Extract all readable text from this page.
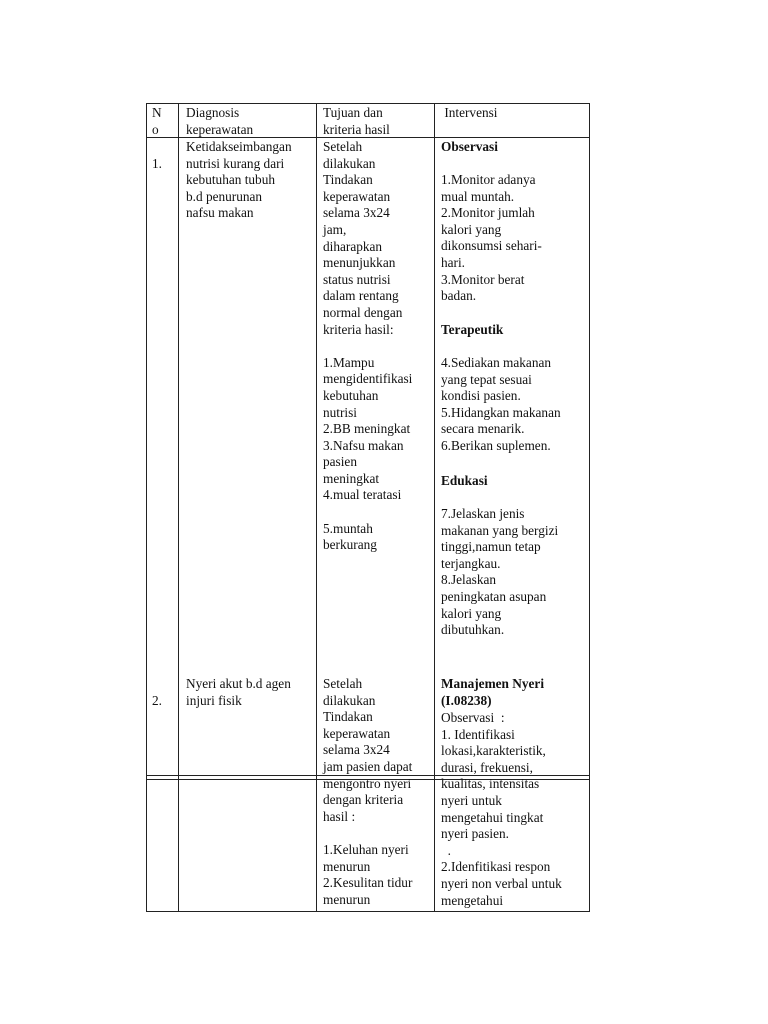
N
o
Diagnosis
keperawatan
Tujuan dan
kriteria hasil
Intervensi
1.
Ketidakseimbangan
nutrisi kurang dari
kebutuhan tubuh
b.d penurunan
nafsu makan
Setelah
dilakukan
Tindakan
keperawatan
selama 3x24
jam,
diharapkan
menunjukkan
status nutrisi
dalam rentang
normal dengan
kriteria hasil:

1.Mampu
mengidentifikasi
kebutuhan
nutrisi
2.BB meningkat
3.Nafsu makan
pasien
meningkat
4.mual teratasi

5.muntah
berkurang
Observasi
1.Monitor adanya
mual muntah.
2.Monitor jumlah
kalori yang
dikonsumsi sehari-
hari.
3.Monitor berat
badan.
Terapeutik
4.Sediakan makanan
yang tepat sesuai
kondisi pasien.
5.Hidangkan makanan
secara menarik.
6.Berikan suplemen.
Edukasi
7.Jelaskan jenis
makanan yang bergizi
tinggi,namun tetap
terjangkau.
8.Jelaskan
peningkatan asupan
kalori yang
dibutuhkan.
2.
Nyeri akut b.d agen
injuri fisik
Setelah
dilakukan
Tindakan
keperawatan
selama 3x24
jam pasien dapat
mengontro nyeri
dengan kriteria
hasil :

1.Keluhan nyeri
menurun
2.Kesulitan tidur
menurun
Manajemen Nyeri
(I.08238)
Observasi  :
1. Identifikasi
lokasi,karakteristik,
durasi, frekuensi,
kualitas, intensitas
nyeri untuk
mengetahui tingkat
nyeri pasien.
.
2.Idenfitikasi respon
nyeri non verbal untuk
mengetahui
